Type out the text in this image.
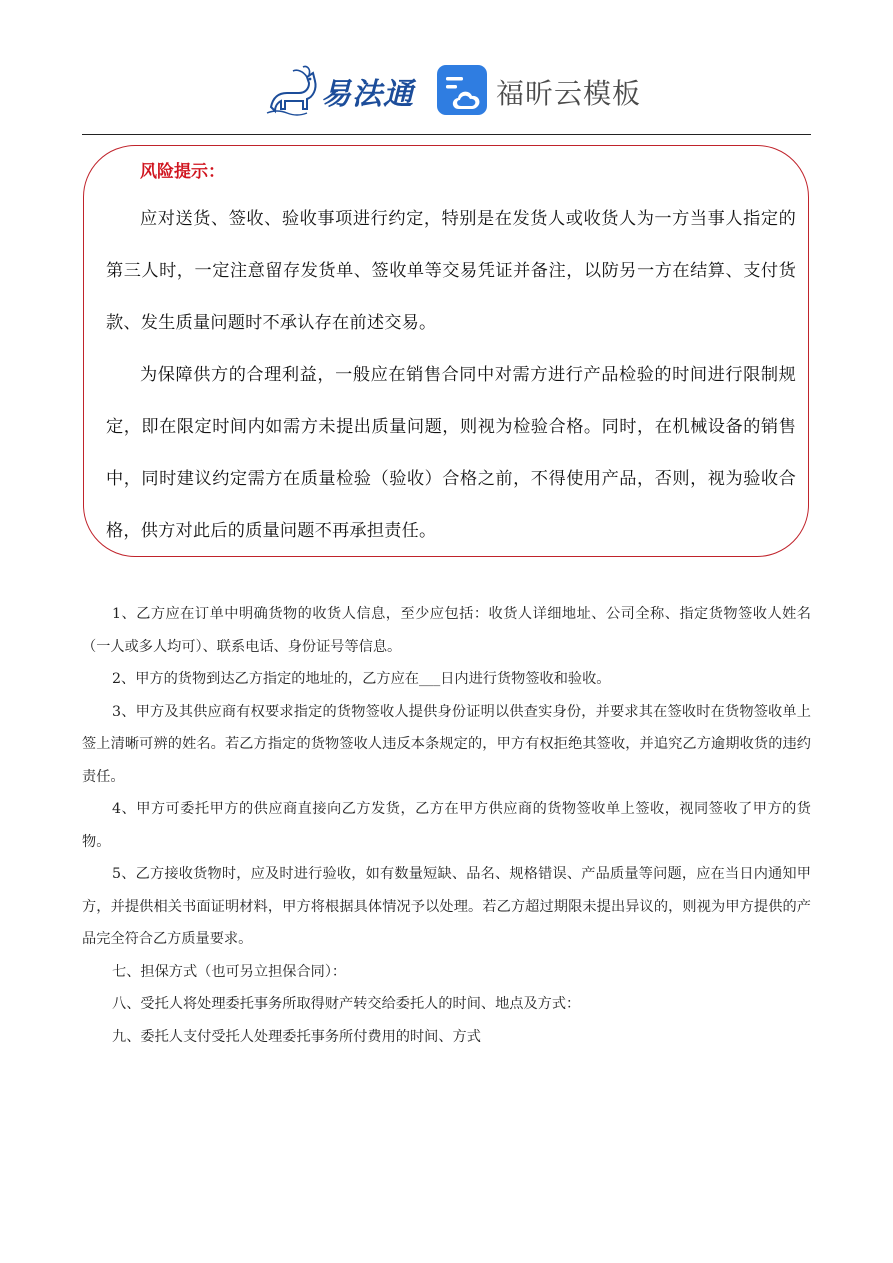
易法通	福昕云模板
风险提示：

应对送货、签收、验收事项进行约定，特别是在发货人或收货人为一方当事人指定的第三人时，一定注意留存发货单、签收单等交易凭证并备注，以防另一方在结算、支付货款、发生质量问题时不承认存在前述交易。

为保障供方的合理利益，一般应在销售合同中对需方进行产品检验的时间进行限制规定，即在限定时间内如需方未提出质量问题，则视为检验合格。同时，在机械设备的销售中，同时建议约定需方在质量检验（验收）合格之前，不得使用产品，否则，视为验收合格，供方对此后的质量问题不再承担责任。

1、乙方应在订单中明确货物的收货人信息，至少应包括：收货人详细地址、公司全称、指定货物签收人姓名（一人或多人均可）、联系电话、身份证号等信息。

2、甲方的货物到达乙方指定的地址的，乙方应在___日内进行货物签收和验收。

3、甲方及其供应商有权要求指定的货物签收人提供身份证明以供查实身份，并要求其在签收时在货物签收单上签上清晰可辨的姓名。若乙方指定的货物签收人违反本条规定的，甲方有权拒绝其签收，并追究乙方逾期收货的违约责任。

4、甲方可委托甲方的供应商直接向乙方发货，乙方在甲方供应商的货物签收单上签收，视同签收了甲方的货物。

5、乙方接收货物时，应及时进行验收，如有数量短缺、品名、规格错误、产品质量等问题，应在当日内通知甲方，并提供相关书面证明材料，甲方将根据具体情况予以处理。若乙方超过期限未提出异议的，则视为甲方提供的产品完全符合乙方质量要求。

七、担保方式（也可另立担保合同）：

八、受托人将处理委托事务所取得财产转交给委托人的时间、地点及方式：

九、委托人支付受托人处理委托事务所付费用的时间、方式
